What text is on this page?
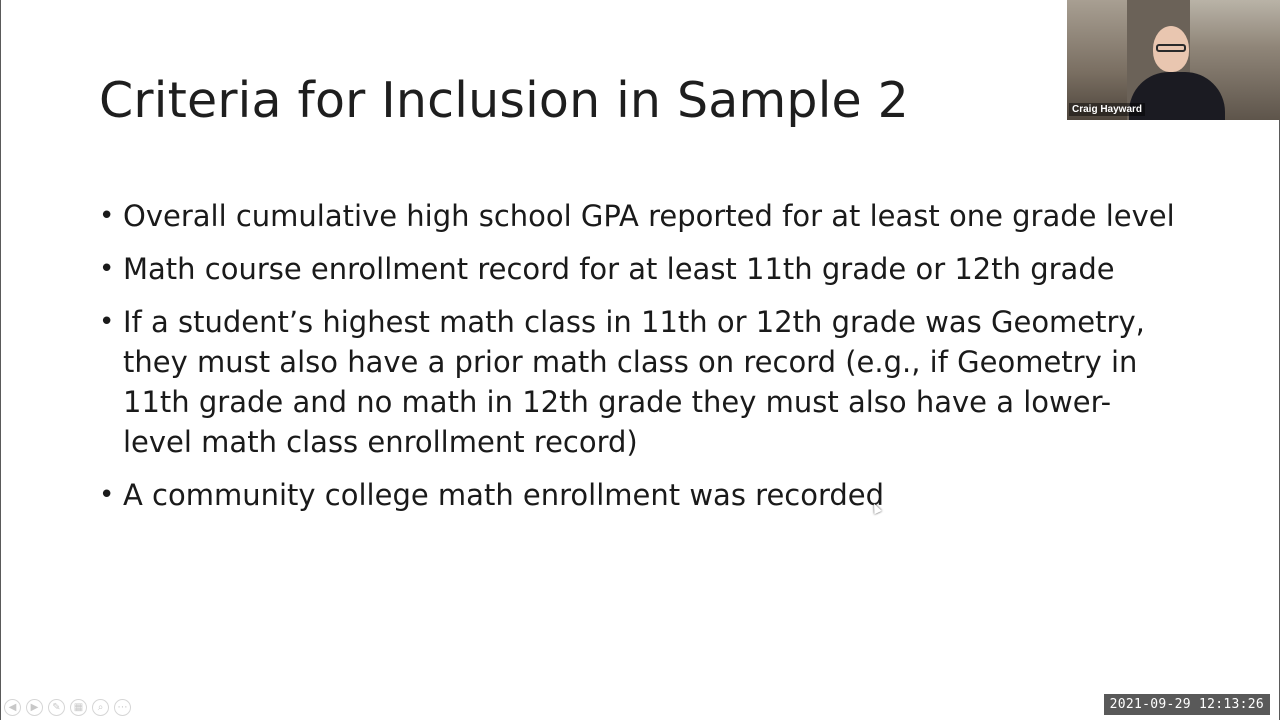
Criteria for Inclusion in Sample 2
• Overall cumulative high school GPA reported for at least one grade level
• Math course enrollment record for at least 11th grade or 12th grade
• If a student’s highest math class in 11th or 12th grade was Geometry, they must also have a prior math class on record (e.g., if Geometry in 11th grade and no math in 12th grade they must also have a lower-level math class enrollment record)
• A community college math enrollment was recorded
Craig Hayward
◀	▶	✎	▦	⌕	⋯	2021-09-29 12:13:26
